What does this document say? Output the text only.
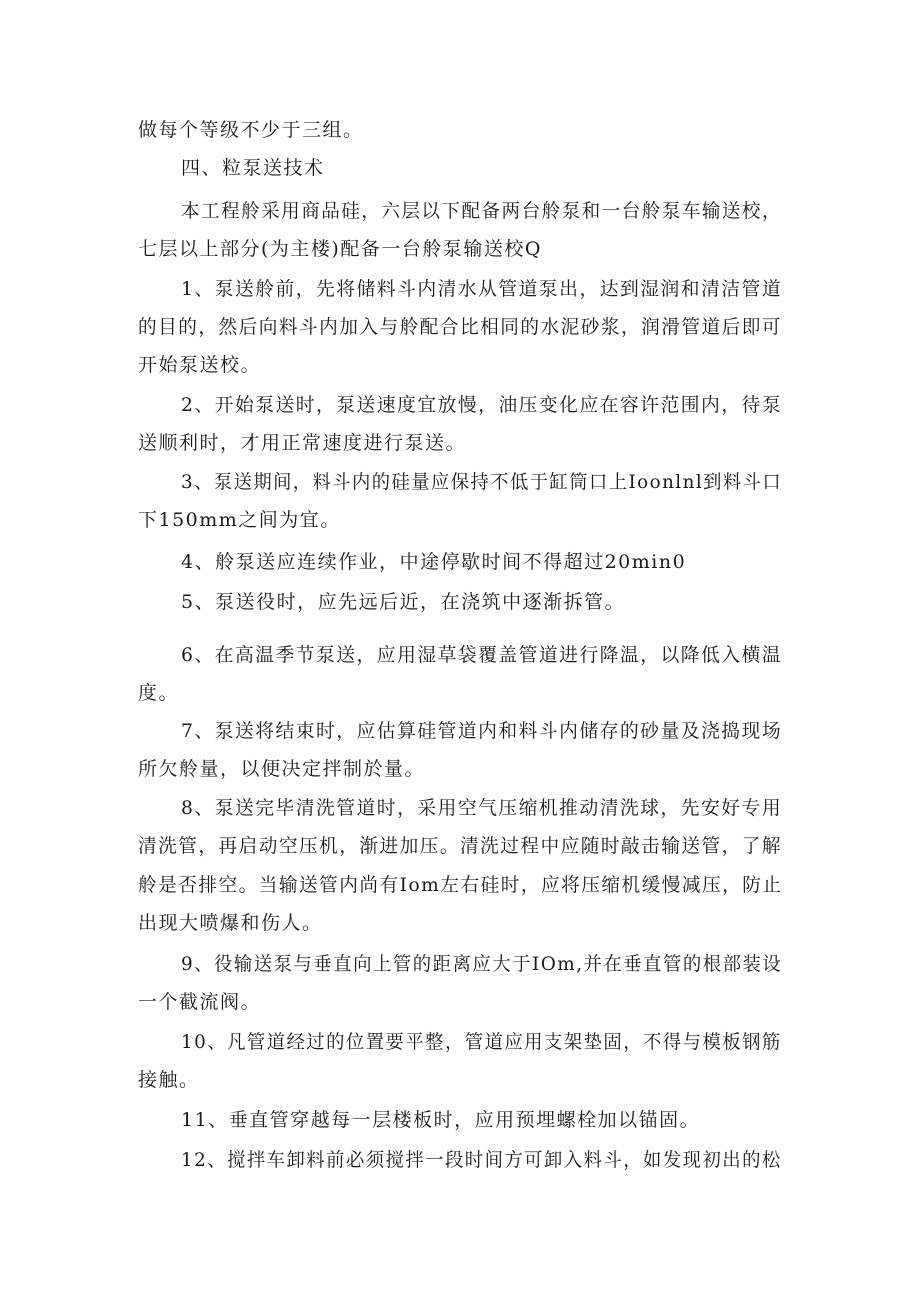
做每个等级不少于三组。
四、粒泵送技术
本工程舲采用商品硅，六层以下配备两台舲泵和一台舲泵车输送校，
七层以上部分(为主楼)配备一台舲泵输送校Q
1、泵送舲前，先将储料斗内清水从管道泵出，达到湿润和清洁管道
的目的，然后向料斗内加入与舲配合比相同的水泥砂浆，润滑管道后即可
开始泵送校。
2、开始泵送时，泵送速度宜放慢，油压变化应在容许范围内，待泵
送顺利时，才用正常速度进行泵送。
3、泵送期间，料斗内的硅量应保持不低于缸筒口上Ioonlnl到料斗口
下150mm之间为宜。
4、舲泵送应连续作业，中途停歇时间不得超过20min0
5、泵送役时，应先远后近，在浇筑中逐渐拆管。
6、在高温季节泵送，应用湿草袋覆盖管道进行降温，以降低入横温
度。
7、泵送将结束时，应估算硅管道内和料斗内储存的砂量及浇捣现场
所欠舲量，以便决定拌制於量。
8、泵送完毕清洗管道时，采用空气压缩机推动清洗球，先安好专用
清洗管，再启动空压机，渐进加压。清洗过程中应随时敲击输送管，了解
舲是否排空。当输送管内尚有Iom左右硅时，应将压缩机缓慢减压，防止
出现大喷爆和伤人。
9、役输送泵与垂直向上管的距离应大于IOm,并在垂直管的根部装设
一个截流阀。
10、凡管道经过的位置要平整，管道应用支架垫固，不得与模板钢筋
接触。
11、垂直管穿越每一层楼板时，应用预埋螺栓加以锚固。
12、搅拌车卸料前必须搅拌一段时间方可卸入料斗，如发现初出的松
